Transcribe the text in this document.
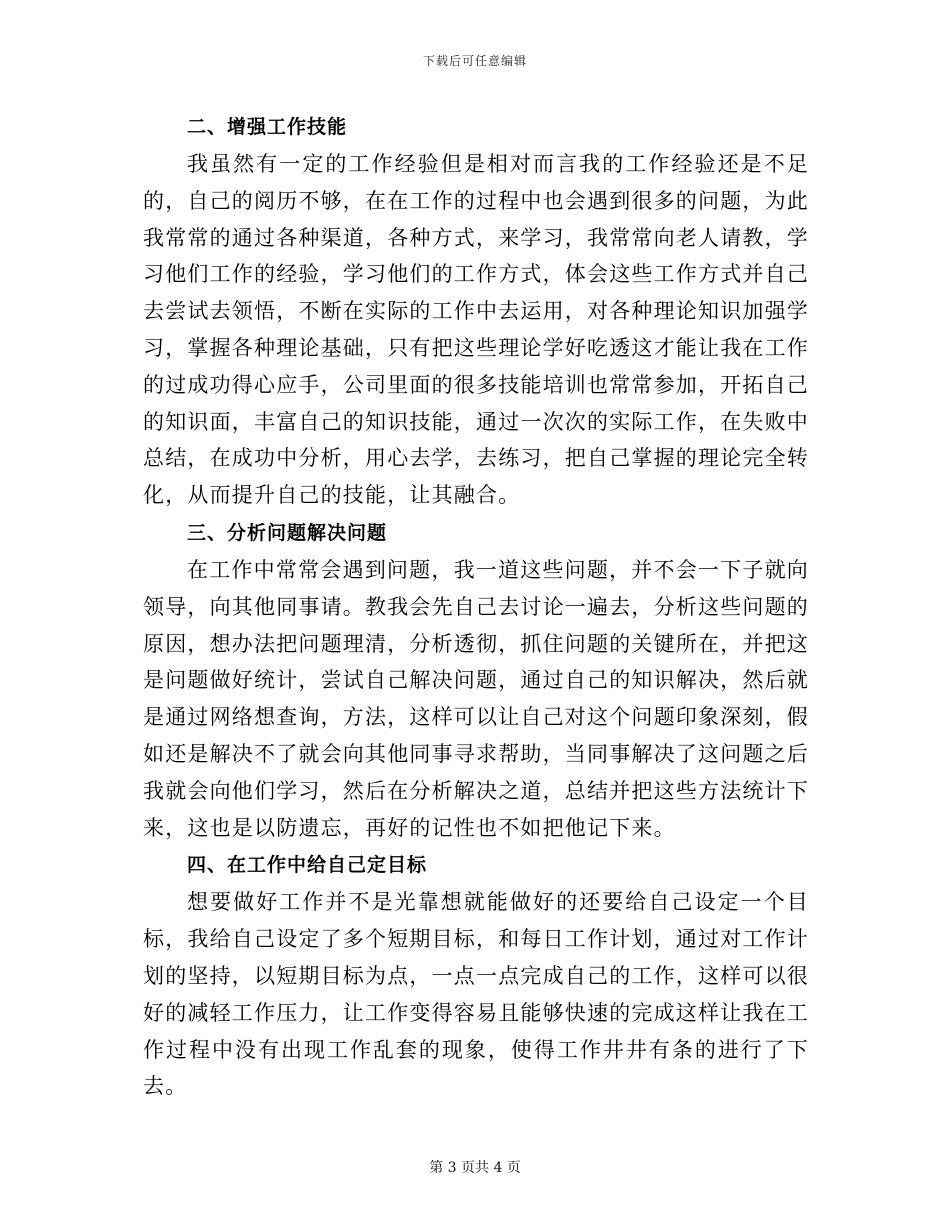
下载后可任意编辑
二、增强工作技能

我虽然有一定的工作经验但是相对而言我的工作经验还是不足的，自己的阅历不够，在在工作的过程中也会遇到很多的问题，为此我常常的通过各种渠道，各种方式，来学习，我常常向老人请教，学习他们工作的经验，学习他们的工作方式，体会这些工作方式并自己去尝试去领悟，不断在实际的工作中去运用，对各种理论知识加强学习，掌握各种理论基础，只有把这些理论学好吃透这才能让我在工作的过成功得心应手，公司里面的很多技能培训也常常参加，开拓自己的知识面，丰富自己的知识技能，通过一次次的实际工作，在失败中总结，在成功中分析，用心去学，去练习，把自己掌握的理论完全转化，从而提升自己的技能，让其融合。

三、分析问题解决问题

在工作中常常会遇到问题，我一道这些问题，并不会一下子就向领导，向其他同事请。教我会先自己去讨论一遍去，分析这些问题的原因，想办法把问题理清，分析透彻，抓住问题的关键所在，并把这是问题做好统计，尝试自己解决问题，通过自己的知识解决，然后就是通过网络想查询，方法，这样可以让自己对这个问题印象深刻，假如还是解决不了就会向其他同事寻求帮助，当同事解决了这问题之后我就会向他们学习，然后在分析解决之道，总结并把这些方法统计下来，这也是以防遗忘，再好的记性也不如把他记下来。

四、在工作中给自己定目标

想要做好工作并不是光靠想就能做好的还要给自己设定一个目标，我给自己设定了多个短期目标，和每日工作计划，通过对工作计划的坚持，以短期目标为点，一点一点完成自己的工作，这样可以很好的减轻工作压力，让工作变得容易且能够快速的完成这样让我在工作过程中没有出现工作乱套的现象，使得工作井井有条的进行了下去。

第 3 页共 4 页
